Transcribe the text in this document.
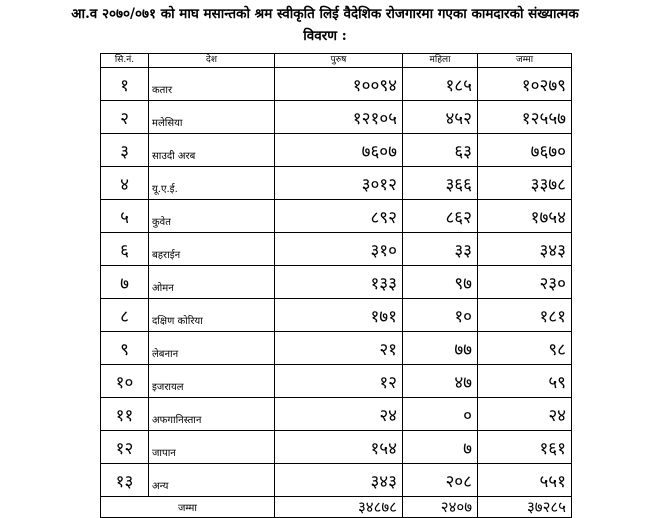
आ.व २०७०/०७१ को माघ मसान्तको श्रम स्वीकृति लिई वैदेशिक रोजगारमा गएका कामदारको संख्यात्मक
विवरण :
सि.नं.	देश	पुरुष	महिला	जम्मा
१	कतार	१००९४	१८५	१०२७९
२	मलेसिया	१२१०५	४५२	१२५५७
३	साउदी अरब	७६०७	६३	७६७०
४	यू.ए.ई.	३०१२	३६६	३३७८
५	कुवेत	८९२	८६२	१७५४
६	बहराईन	३१०	३३	३४३
७	ओमन	१३३	९७	२३०
८	दक्षिण कोरिया	१७१	१०	१८१
९	लेबनान	२१	७७	९८
१०	इजरायल	१२	४७	५९
११	अफगानिस्तान	२४	०	२४
१२	जापान	१५४	७	१६१
१३	अन्य	३४३	२०८	५५१
जम्मा		३४८७८	२४०७	३७२८५
